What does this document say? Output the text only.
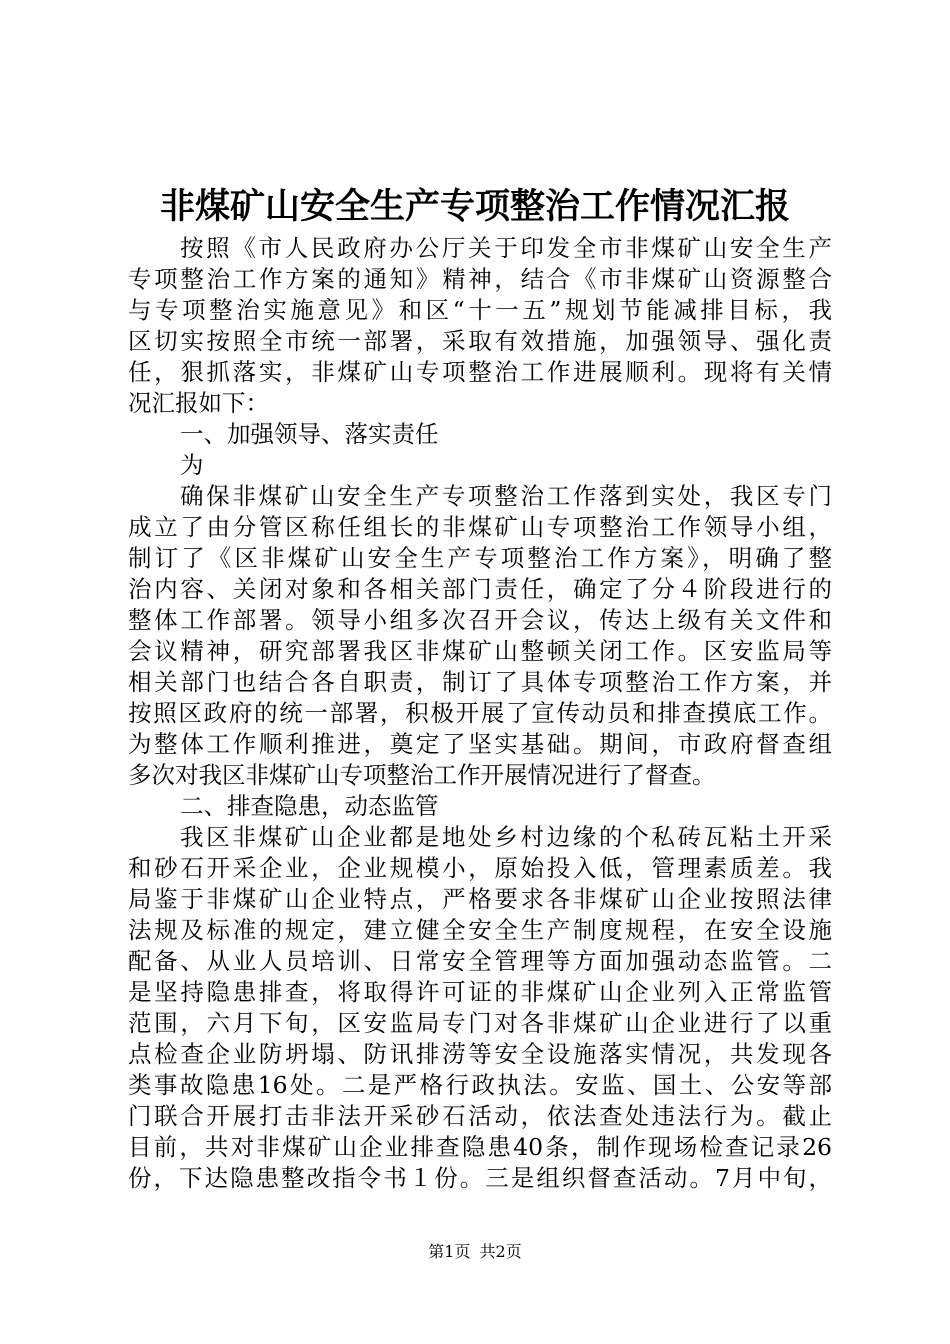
非煤矿山安全生产专项整治工作情况汇报
按照《市人民政府办公厅关于印发全市非煤矿山安全生产
专项整治工作方案的通知》精神，结合《市非煤矿山资源整合
与专项整治实施意见》和区“十一五”规划节能减排目标，我
区切实按照全市统一部署，采取有效措施，加强领导、强化责
任，狠抓落实，非煤矿山专项整治工作进展顺利。现将有关情
况汇报如下：
一、加强领导、落实责任
为
确保非煤矿山安全生产专项整治工作落到实处，我区专门
成立了由分管区称任组长的非煤矿山专项整治工作领导小组，
制订了《区非煤矿山安全生产专项整治工作方案》，明确了整
治内容、关闭对象和各相关部门责任，确定了分４阶段进行的
整体工作部署。领导小组多次召开会议，传达上级有关文件和
会议精神，研究部署我区非煤矿山整顿关闭工作。区安监局等
相关部门也结合各自职责，制订了具体专项整治工作方案，并
按照区政府的统一部署，积极开展了宣传动员和排查摸底工作。
为整体工作顺利推进，奠定了坚实基础。期间，市政府督查组
多次对我区非煤矿山专项整治工作开展情况进行了督查。
二、排查隐患，动态监管
我区非煤矿山企业都是地处乡村边缘的个私砖瓦粘土开采
和砂石开采企业，企业规模小，原始投入低，管理素质差。我
局鉴于非煤矿山企业特点，严格要求各非煤矿山企业按照法律
法规及标准的规定，建立健全安全生产制度规程，在安全设施
配备、从业人员培训、日常安全管理等方面加强动态监管。二
是坚持隐患排查，将取得许可证的非煤矿山企业列入正常监管
范围，六月下旬，区安监局专门对各非煤矿山企业进行了以重
点检查企业防坍塌、防讯排涝等安全设施落实情况，共发现各
类事故隐患16处。二是严格行政执法。安监、国土、公安等部
门联合开展打击非法开采砂石活动，依法查处违法行为。截止
目前，共对非煤矿山企业排查隐患40条，制作现场检查记录26
份，下达隐患整改指令书１份。三是组织督查活动。7月中旬，
第1页 共2页
